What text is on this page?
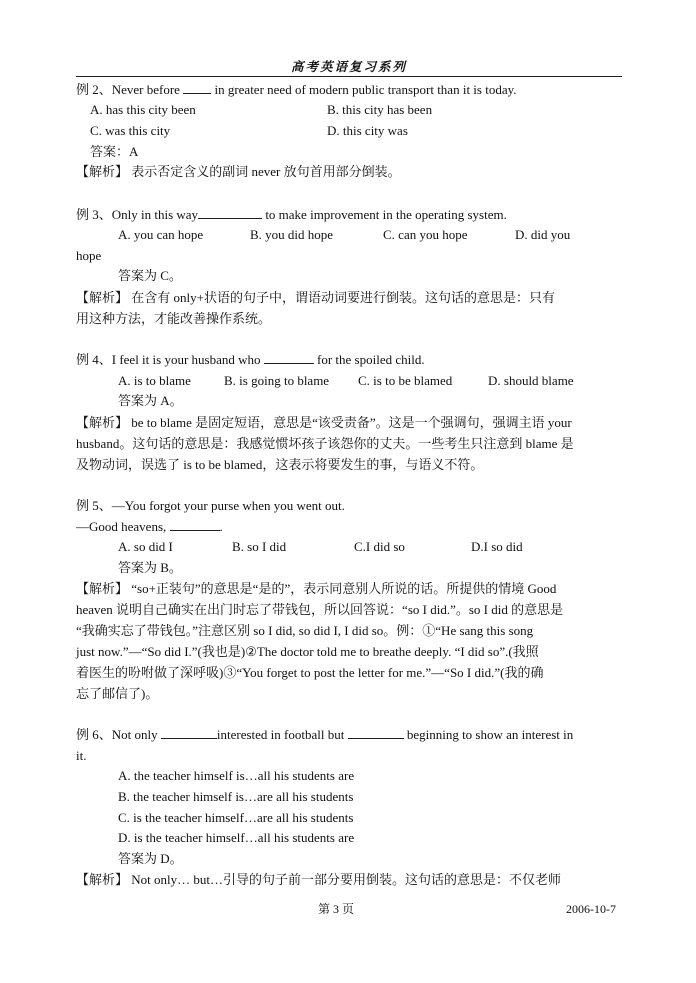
高考英语复习系列
例 2、Never before  in greater need of modern public transport than it is today.
A. has this city been	B. this city has been
C. was this city	D. this city was
答案：A
【解析】 表示否定含义的副词 never 放句首用部分倒装。
例 3、Only in this way	to make improvement in the operating system.
A. you can hope	B. you did hope	C. can you hope	D. did you
hope
答案为 C。
【解析】 在含有 only+状语的句子中，谓语动词要进行倒装。这句话的意思是：只有
用这种方法，才能改善操作系统。
例 4、I feel it is your husband who	for the spoiled child.
A. is to blame	B. is going to blame C. is to be blamed	D. should blame
答案为 A。
【解析】 be to blame 是固定短语，意思是“该受责备”。这是一个强调句，强调主语 your
husband。这句话的意思是：我感觉惯坏孩子该怨你的丈夫。一些考生只注意到 blame 是
及物动词，误选了 is to be blamed，这表示将要发生的事，与语义不符。
例 5、—You forgot your purse when you went out.
—Good heavens,	.
A. so did I	B. so I did	C.I did so	D.I so did
答案为 B。
【解析】 “so+正装句”的意思是“是的”，表示同意别人所说的话。所提供的情境 Good
heaven 说明自己确实在出门时忘了带钱包，所以回答说：“so I did.”。so I did 的意思是
“我确实忘了带钱包。”注意区别 so I did, so did I, I did so。例：①“He sang this song
just now.”—“So did I.”(我也是)②The doctor told me to breathe deeply. “I did so”.(我照
着医生的吩咐做了深呼吸)③“You forget to post the letter for me.”—“So I did.”(我的确
忘了邮信了)。
例 6、Not only	interested in football but	beginning to show an interest in
it.
A. the teacher himself is…all his students are
B. the teacher himself is…are all his students
C. is the teacher himself…are all his students
D. is the teacher himself…all his students are
答案为 D。
【解析】 Not only… but…引导的句子前一部分要用倒装。这句话的意思是：不仅老师
第 3 页	2006-10-7
